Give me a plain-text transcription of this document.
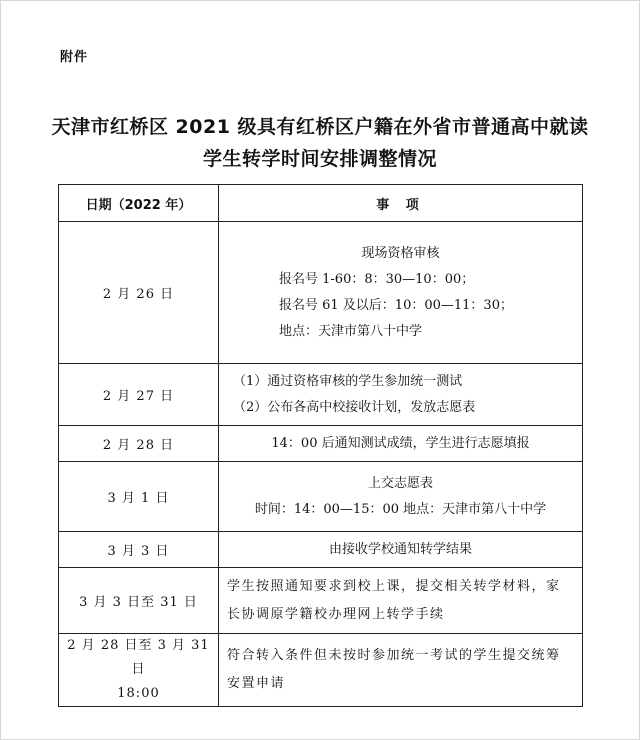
附件
天津市红桥区 2021 级具有红桥区户籍在外省市普通高中就读
学生转学时间安排调整情况
日期（2022 年）	事 项
2 月 26 日	现场资格审核
报名号 1-60：8：30—10：00；
报名号 61 及以后：10：00—11：30；
地点：天津市第八十中学

2 月 27 日	（1）通过资格审核的学生参加统一测试
（2）公布各高中校接收计划，发放志愿表

2 月 28 日	14：00 后通知测试成绩，学生进行志愿填报

3 月 1 日	上交志愿表
时间：14：00—15：00 地点：天津市第八十中学

3 月 3 日	由接收学校通知转学结果

3 月 3 日至 31 日	学生按照通知要求到校上课，提交相关转学材料，家长协调原学籍校办理网上转学手续

2 月 28 日至 3 月 31 日
18:00	符合转入条件但未按时参加统一考试的学生提交统筹安置申请
